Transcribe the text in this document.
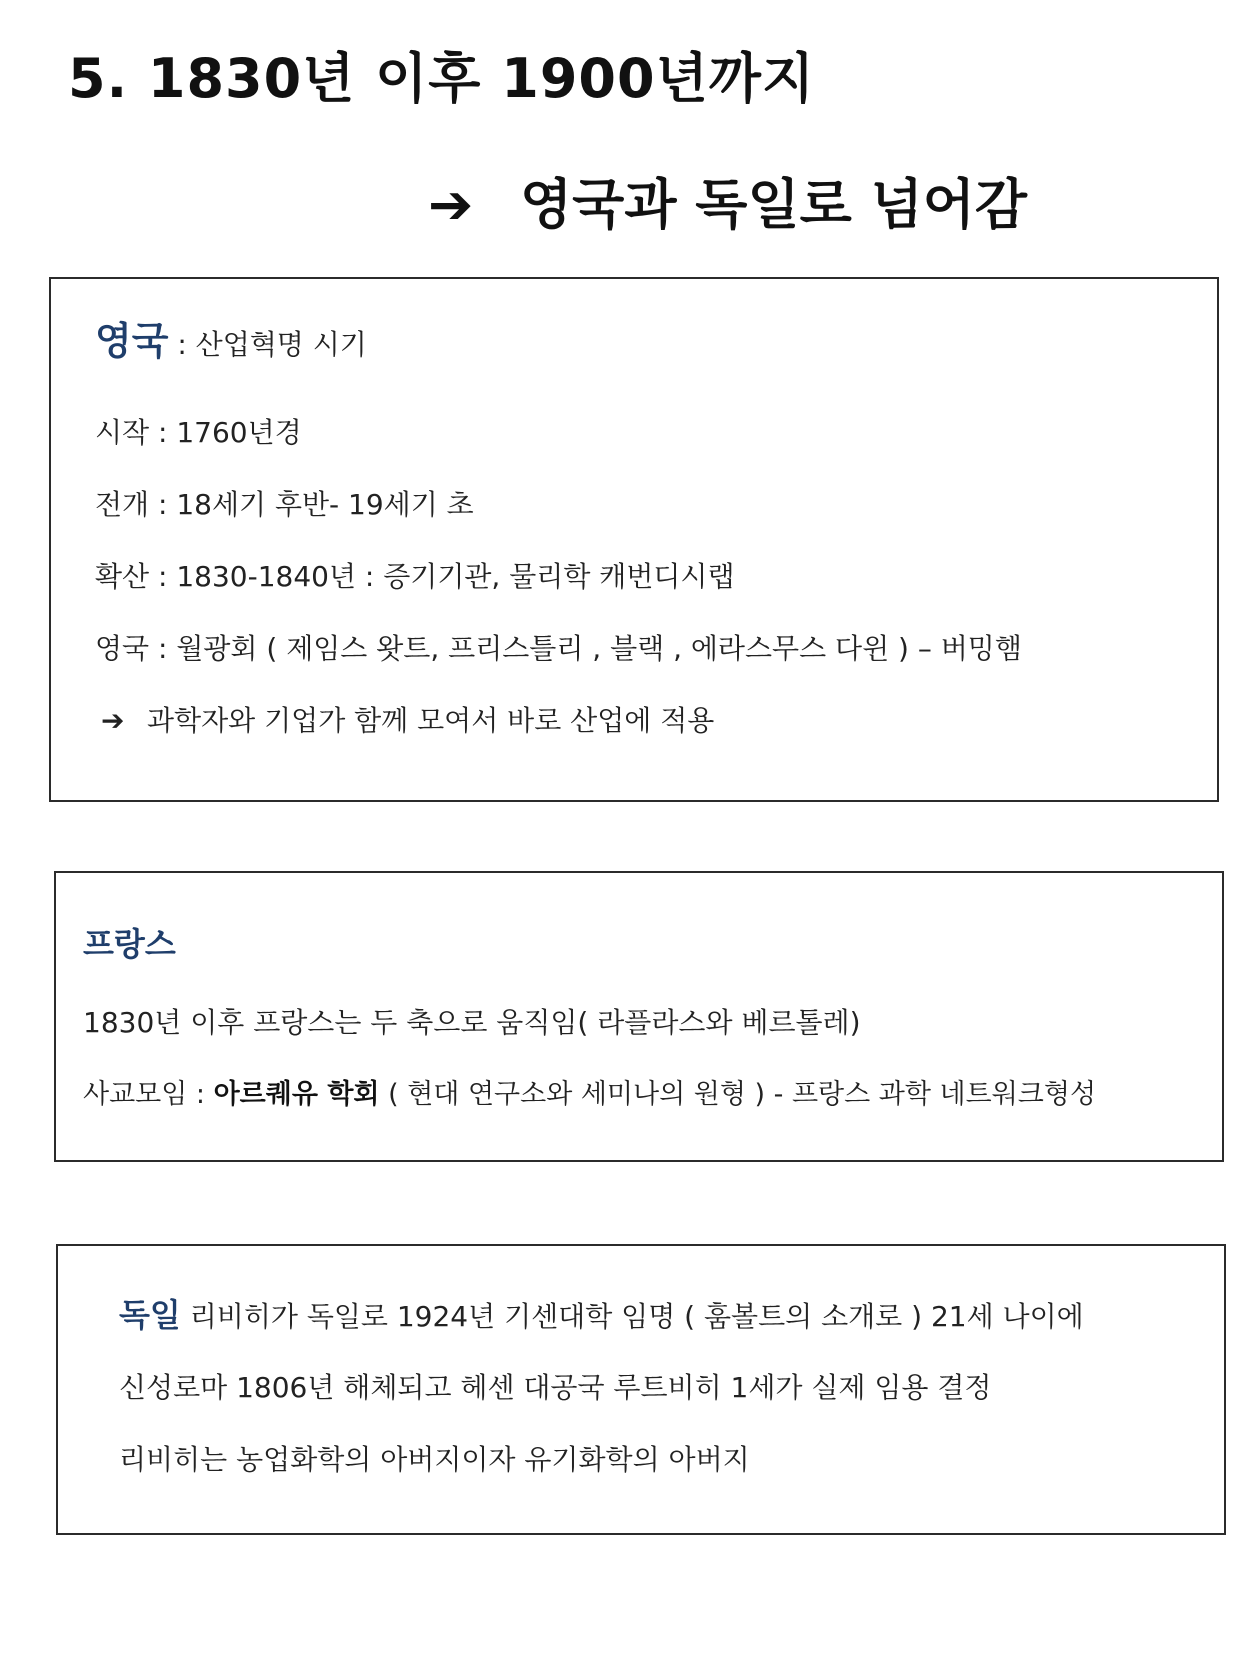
5. 1830년 이후 1900년까지
➔ 영국과 독일로 넘어감
영국 : 산업혁명 시기
시작 : 1760년경
전개 : 18세기 후반- 19세기 초
확산 : 1830-1840년 : 증기기관, 물리학 캐번디시랩
영국 : 월광회 ( 제임스 왓트, 프리스틀리 , 블랙 , 에라스무스 다윈 ) – 버밍햄
➔ 과학자와 기업가 함께 모여서 바로 산업에 적용
프랑스
1830년 이후 프랑스는 두 축으로 움직임( 라플라스와 베르톨레)
사교모임 : 아르퀘유 학회 ( 현대 연구소와 세미나의 원형 ) - 프랑스 과학 네트워크형성
독일 리비히가 독일로 1924년 기센대학 임명 ( 훔볼트의 소개로 ) 21세 나이에
신성로마 1806년 해체되고 헤센 대공국 루트비히 1세가 실제 임용 결정
리비히는 농업화학의 아버지이자 유기화학의 아버지
